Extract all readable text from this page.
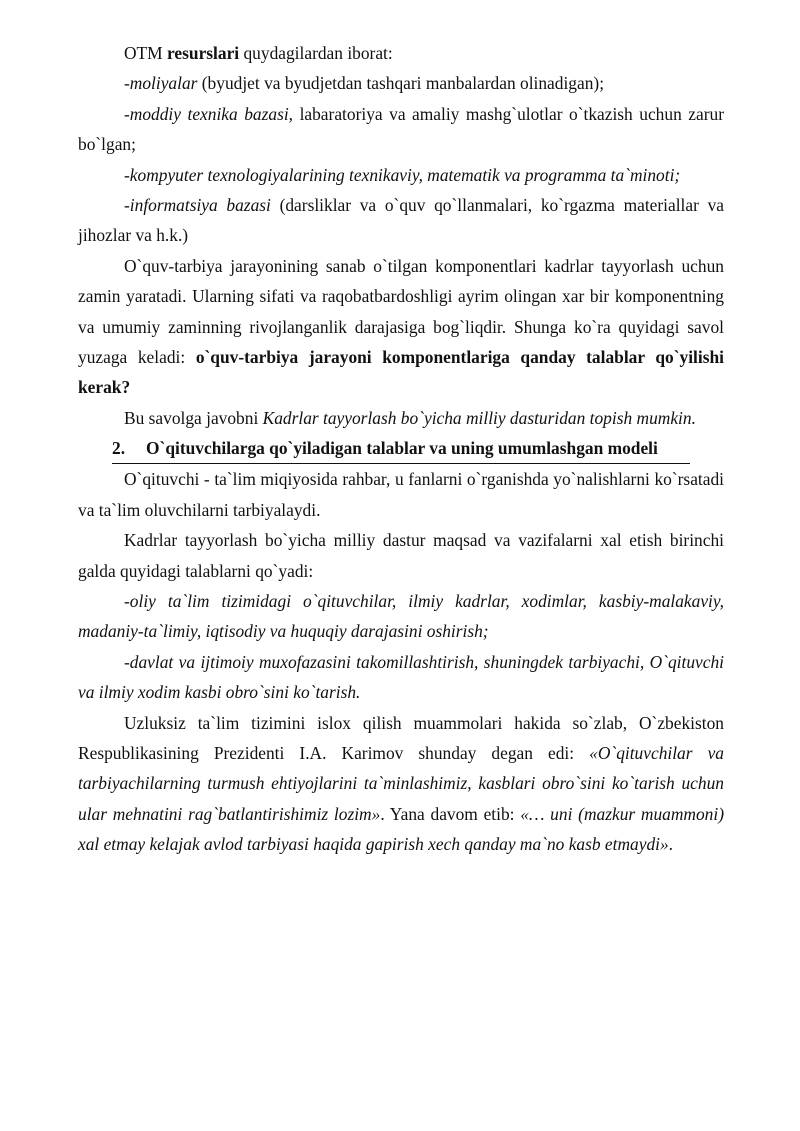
OTM resurslari quydagilardan iborat:

-moliyalar (byudjet va byudjetdan tashqari manbalardan olinadigan);

-moddiy texnika bazasi, labaratoriya va amaliy mashg`ulotlar o`tkazish uchun zarur bo`lgan;

-kompyuter texnologiyalarining texnikaviy, matematik va programma ta`minoti;

-informatsiya bazasi (darsliklar va o`quv qo`llanmalari, ko`rgazma materiallar va jihozlar va h.k.)

O`quv-tarbiya jarayonining sanab o`tilgan komponentlari kadrlar tayyorlash uchun zamin yaratadi. Ularning sifati va raqobatbardoshligi ayrim olingan xar bir komponentning va umumiy zaminning rivojlanganlik darajasiga bog`liqdir. Shunga ko`ra quyidagi savol yuzaga keladi: o`quv-tarbiya jarayoni komponentlariga qanday talablar qo`yilishi kerak?

Bu savolga javobni Kadrlar tayyorlash bo`yicha milliy dasturidan topish mumkin.

2. O`qituvchilarga qo`yiladigan talablar va uning umumlashgan modeli

O`qituvchi - ta`lim miqiyosida rahbar, u fanlarni o`rganishda yo`nalishlarni ko`rsatadi va ta`lim oluvchilarni tarbiyalaydi.

Kadrlar tayyorlash bo`yicha milliy dastur maqsad va vazifalarni xal etish birinchi galda quyidagi talablarni qo`yadi:

-oliy ta`lim tizimidagi o`qituvchilar, ilmiy kadrlar, xodimlar, kasbiy-malakaviy, madaniy-ta`limiy, iqtisodiy va huquqiy darajasini oshirish;

-davlat va ijtimoiy muxofazasini takomillashtirish, shuningdek tarbiyachi, O`qituvchi va ilmiy xodim kasbi obro`sini ko`tarish.

Uzluksiz ta`lim tizimini islox qilish muammolari hakida so`zlab, O`zbekiston Respublikasining Prezidenti I.A. Karimov shunday degan edi: «O`qituvchilar va tarbiyachilarning turmush ehtiyojlarini ta`minlashimiz, kasblari obro`sini ko`tarish uchun ular mehnatini rag`batlantirishimiz lozim». Yana davom etib: «… uni (mazkur muammoni) xal etmay kelajak avlod tarbiyasi haqida gapirish xech qanday ma`no kasb etmaydi».
